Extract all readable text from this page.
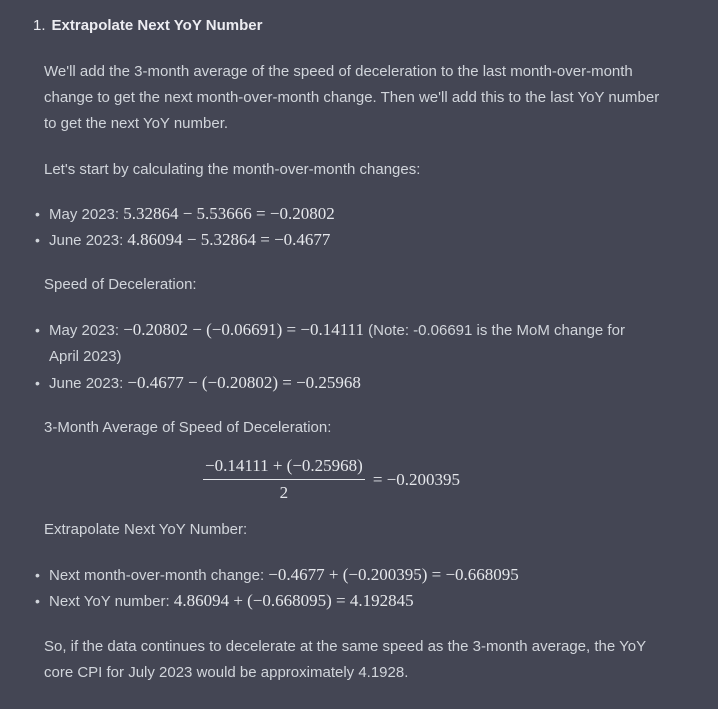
1. Extrapolate Next YoY Number
We'll add the 3-month average of the speed of deceleration to the last month-over-month change to get the next month-over-month change. Then we'll add this to the last YoY number to get the next YoY number.
Let's start by calculating the month-over-month changes:
• May 2023: 5.32864 − 5.53666 = −0.20802
• June 2023: 4.86094 − 5.32864 = −0.4677
Speed of Deceleration:
• May 2023: −0.20802 − (−0.06691) = −0.14111 (Note: -0.06691 is the MoM change for April 2023)
• June 2023: −0.4677 − (−0.20802) = −0.25968
3-Month Average of Speed of Deceleration:
$\frac{-0.14111 + (-0.25968)}{2} = -0.200395$
Extrapolate Next YoY Number:
• Next month-over-month change: −0.4677 + (−0.200395) = −0.668095
• Next YoY number: 4.86094 + (−0.668095) = 4.192845
So, if the data continues to decelerate at the same speed as the 3-month average, the YoY core CPI for July 2023 would be approximately 4.1928.
